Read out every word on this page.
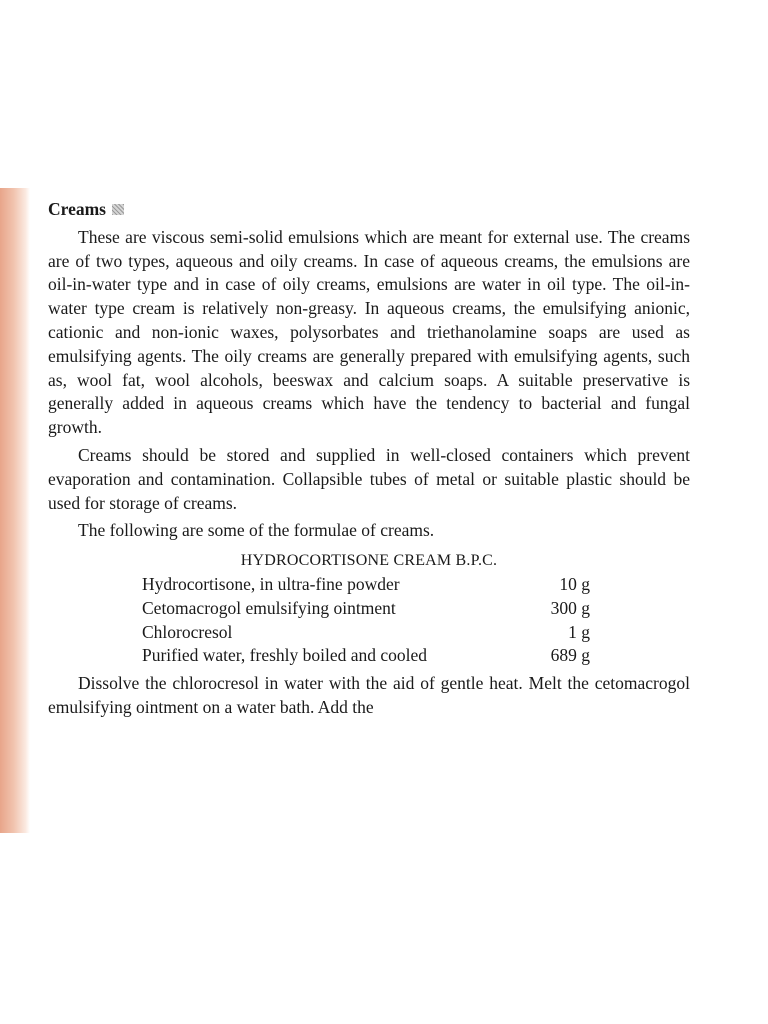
Creams

These are viscous semi-solid emulsions which are meant for external use. The creams are of two types, aqueous and oily creams. In case of aqueous creams, the emulsions are oil-in-water type and in case of oily creams, emulsions are water in oil type. The oil-in-water type cream is relatively non-greasy. In aqueous creams, the emulsifying anionic, cationic and non-ionic waxes, polysorbates and triethanolamine soaps are used as emulsifying agents. The oily creams are generally prepared with emulsifying agents, such as, wool fat, wool alcohols, beeswax and calcium soaps. A suitable preservative is generally added in aqueous creams which have the tendency to bacterial and fungal growth.

Creams should be stored and supplied in well-closed containers which prevent evaporation and contamination. Collapsible tubes of metal or suitable plastic should be used for storage of creams.

The following are some of the formulae of creams.

HYDROCORTISONE CREAM B.P.C.
Hydrocortisone, in ultra-fine powder	10 g
Cetomacrogol emulsifying ointment	300 g
Chlorocresol	1 g
Purified water, freshly boiled and cooled	689 g

Dissolve the chlorocresol in water with the aid of gentle heat. Melt the cetomacrogol emulsifying ointment on a water bath. Add the
